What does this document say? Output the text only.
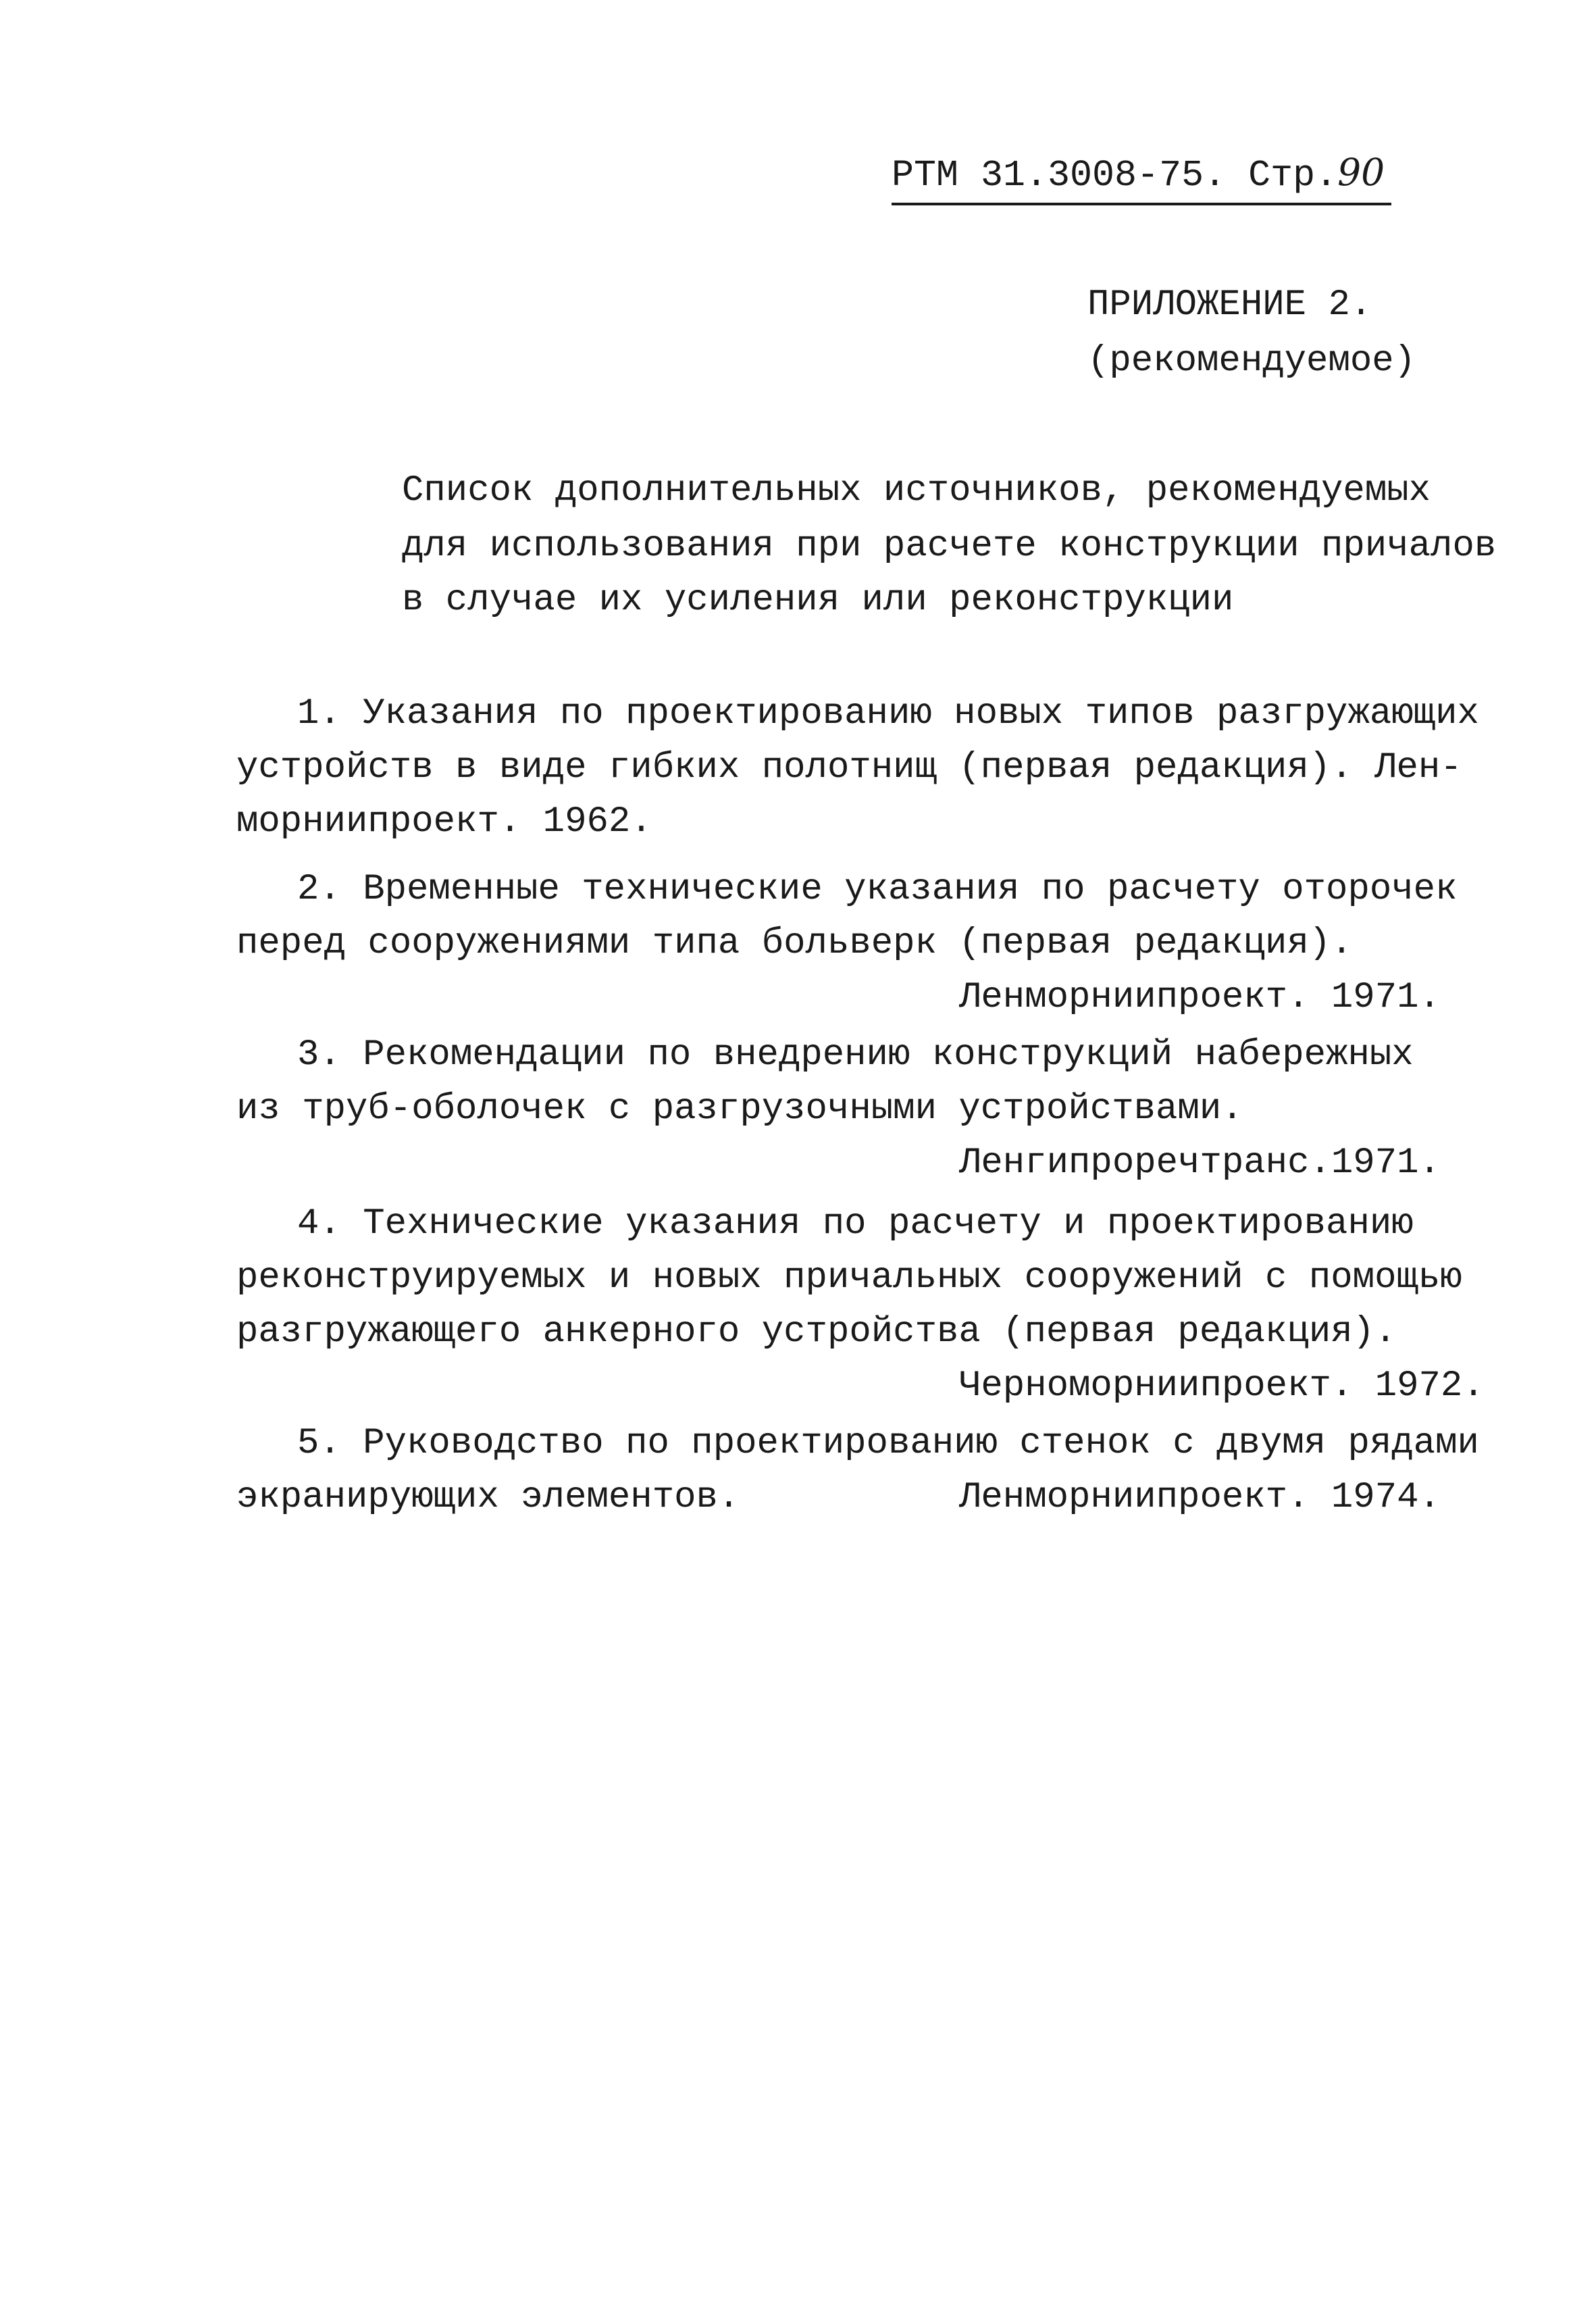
РТМ 31.3008-75. Стр.90
ПРИЛОЖЕНИЕ 2.
(рекомендуемое)
Список дополнительных источников, рекомендуемых
для использования при расчете конструкции причалов
в случае их усиления или реконструкции
1. Указания по проектированию новых типов разгружающих
устройств в виде гибких полотнищ (первая редакция). Лен-
морниипроект. 1962.
2. Временные технические указания по расчету оторочек
перед сооружениями типа больверк (первая редакция).
Ленморниипроект. 1971.
3. Рекомендации по внедрению конструкций набережных
из труб-оболочек с разгрузочными устройствами.
Ленгипроречтранс.1971.
4. Технические указания по расчету и проектированию
реконструируемых и новых причальных сооружений с помощью
разгружающего анкерного устройства (первая редакция).
Черноморниипроект. 1972.
5. Руководство по проектированию стенок с двумя рядами
экранирующих элементов.	Ленморниипроект. 1974.
